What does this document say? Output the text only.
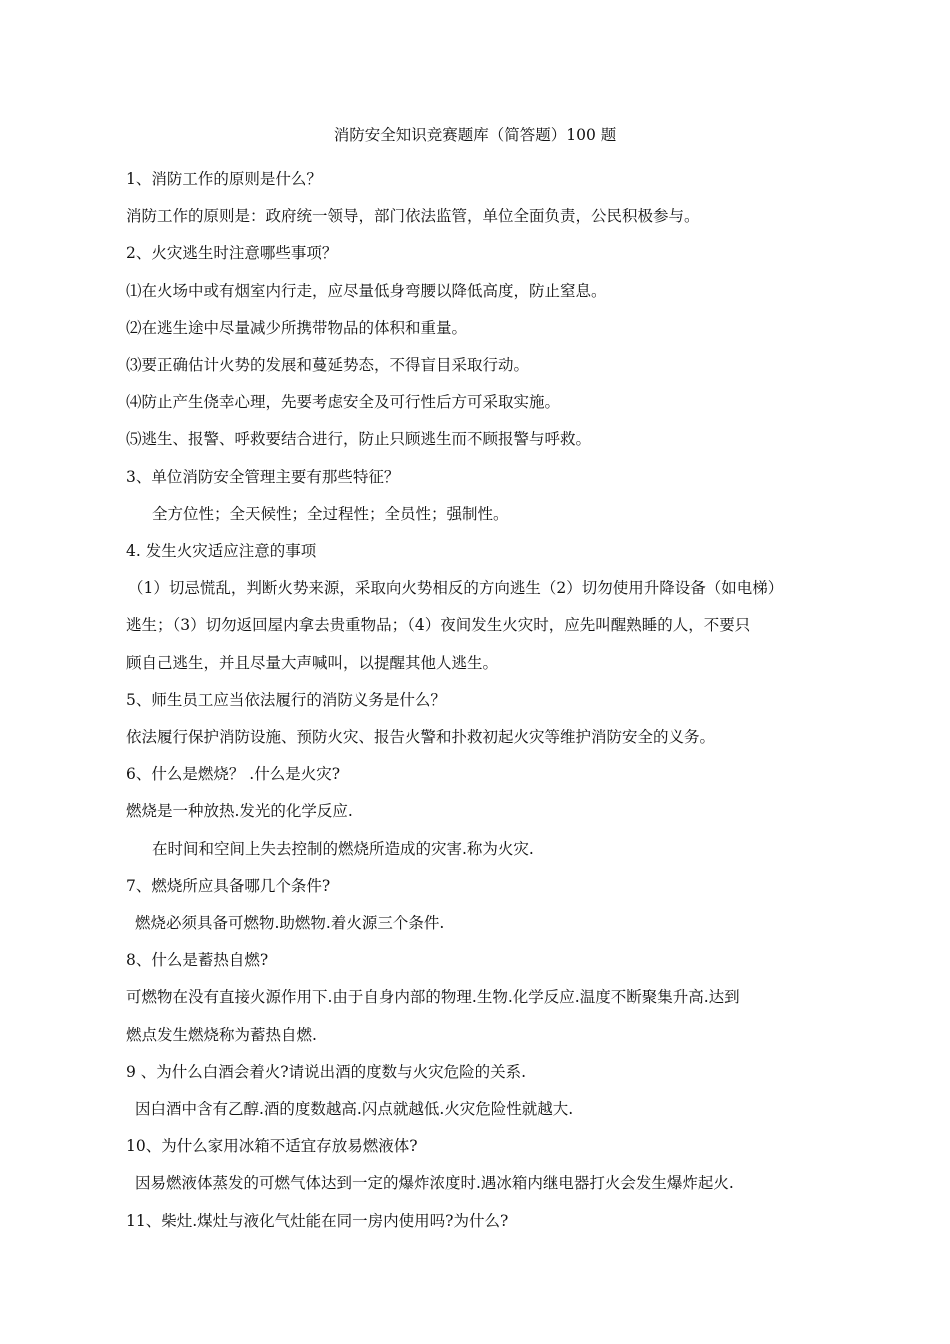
消防安全知识竞赛题库（简答题）100 题
1、消防工作的原则是什么？
消防工作的原则是：政府统一领导，部门依法监管，单位全面负责，公民积极参与。
2、火灾逃生时注意哪些事项？
⑴在火场中或有烟室内行走，应尽量低身弯腰以降低高度，防止窒息。
⑵在逃生途中尽量减少所携带物品的体积和重量。
⑶要正确估计火势的发展和蔓延势态，不得盲目采取行动。
⑷防止产生侥幸心理，先要考虑安全及可行性后方可采取实施。
⑸逃生、报警、呼救要结合进行，防止只顾逃生而不顾报警与呼救。
3、单位消防安全管理主要有那些特征？
全方位性；全天候性；全过程性；全员性；强制性。
4. 发生火灾适应注意的事项
（1）切忌慌乱，判断火势来源，采取向火势相反的方向逃生（2）切勿使用升降设备（如电梯）
逃生；（3）切勿返回屋内拿去贵重物品；（4）夜间发生火灾时，应先叫醒熟睡的人，不要只
顾自己逃生，并且尽量大声喊叫，以提醒其他人逃生。
5、师生员工应当依法履行的消防义务是什么？
依法履行保护消防设施、预防火灾、报告火警和扑救初起火灾等维护消防安全的义务。
6、什么是燃烧？ .什么是火灾?
燃烧是一种放热.发光的化学反应.
在时间和空间上失去控制的燃烧所造成的灾害.称为火灾.
7、燃烧所应具备哪几个条件?
燃烧必须具备可燃物.助燃物.着火源三个条件.
8、什么是蓄热自燃?
可燃物在没有直接火源作用下.由于自身内部的物理.生物.化学反应.温度不断聚集升高.达到
燃点发生燃烧称为蓄热自燃.
9 、为什么白酒会着火?请说出酒的度数与火灾危险的关系.
因白酒中含有乙醇.酒的度数越高.闪点就越低.火灾危险性就越大.
10、为什么家用冰箱不适宜存放易燃液体?
因易燃液体蒸发的可燃气体达到一定的爆炸浓度时.遇冰箱内继电器打火会发生爆炸起火.
11、柴灶.煤灶与液化气灶能在同一房内使用吗?为什么?
